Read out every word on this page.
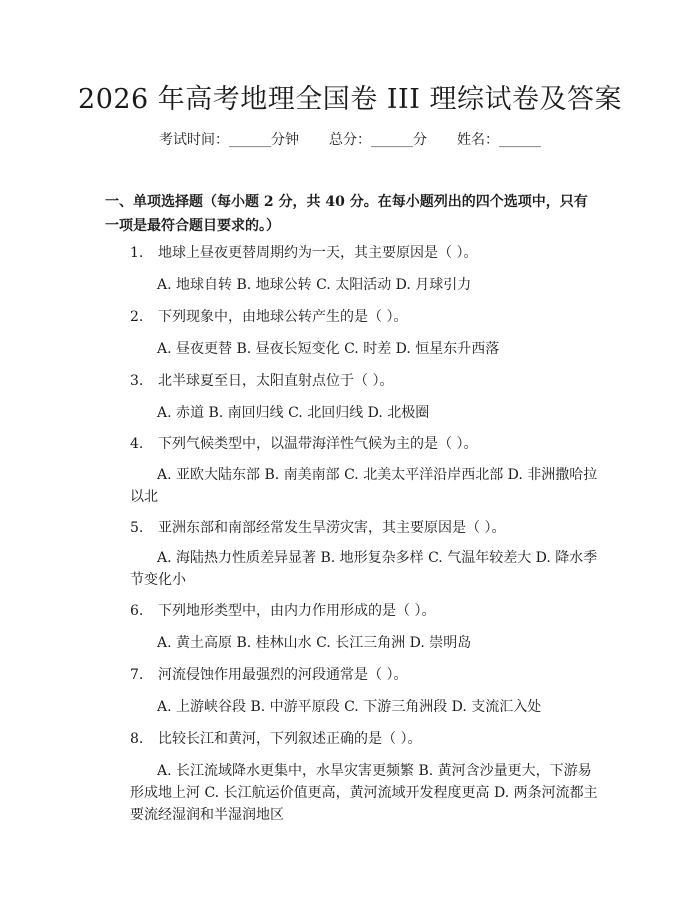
2026 年高考地理全国卷 III 理综试卷及答案
考试时间：______分钟 总分：______分 姓名：______

一、单项选择题（每小题 2 分，共 40 分。在每小题列出的四个选项中，只有一项是最符合题目要求的。）

1. 地球上昼夜更替周期约为一天，其主要原因是（ ）。

A. 地球自转 B. 地球公转 C. 太阳活动 D. 月球引力

2. 下列现象中，由地球公转产生的是（ ）。

A. 昼夜更替 B. 昼夜长短变化 C. 时差 D. 恒星东升西落

3. 北半球夏至日，太阳直射点位于（ ）。

A. 赤道 B. 南回归线 C. 北回归线 D. 北极圈

4. 下列气候类型中，以温带海洋性气候为主的是（ ）。

A. 亚欧大陆东部 B. 南美南部 C. 北美太平洋沿岸西北部 D. 非洲撒哈拉以北

5. 亚洲东部和南部经常发生旱涝灾害，其主要原因是（ ）。

A. 海陆热力性质差异显著 B. 地形复杂多样 C. 气温年较差大 D. 降水季节变化小

6. 下列地形类型中，由内力作用形成的是（ ）。

A. 黄土高原 B. 桂林山水 C. 长江三角洲 D. 崇明岛

7. 河流侵蚀作用最强烈的河段通常是（ ）。

A. 上游峡谷段 B. 中游平原段 C. 下游三角洲段 D. 支流汇入处

8. 比较长江和黄河，下列叙述正确的是（ ）。

A. 长江流域降水更集中，水旱灾害更频繁 B. 黄河含沙量更大，下游易形成地上河 C. 长江航运价值更高，黄河流域开发程度更高 D. 两条河流都主要流经湿润和半湿润地区
